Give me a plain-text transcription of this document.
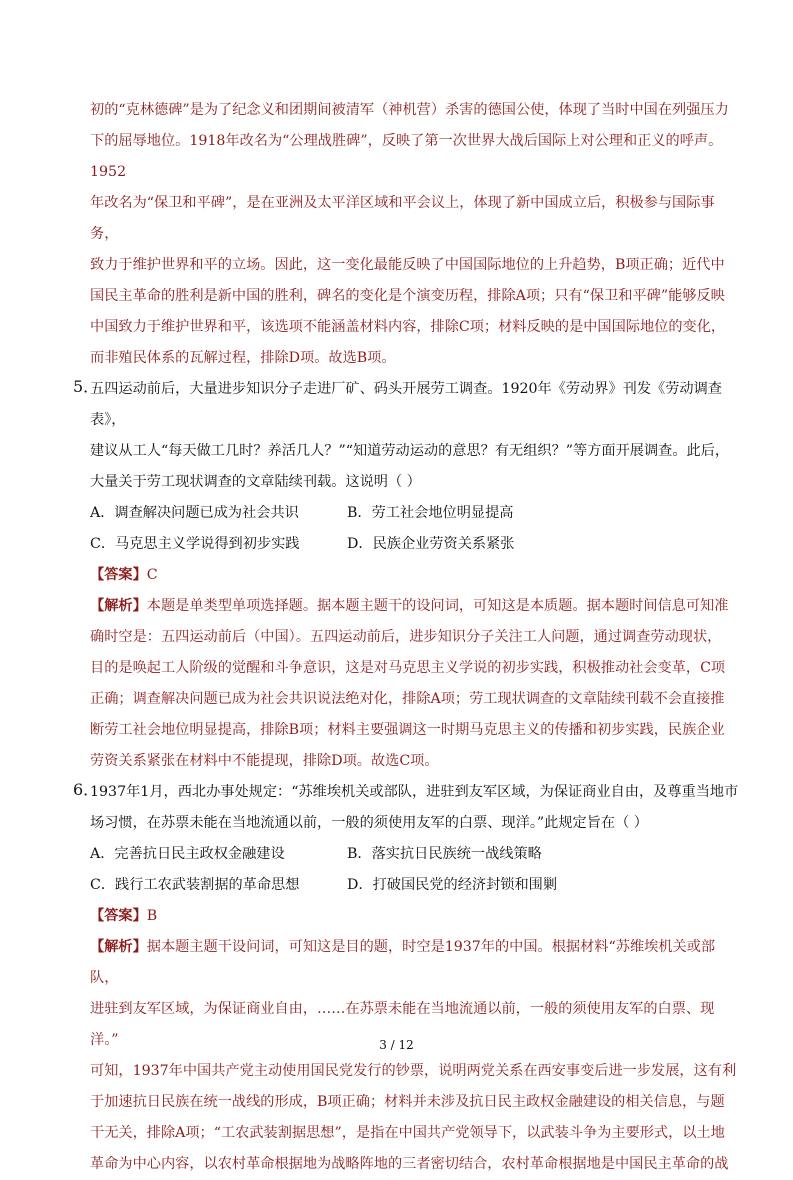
初的“克林德碑”是为了纪念义和团期间被清军（神机营）杀害的德国公使，体现了当时中国在列强压力

下的屈辱地位。1918年改名为“公理战胜碑”，反映了第一次世界大战后国际上对公理和正义的呼声。1952

年改名为“保卫和平碑”，是在亚洲及太平洋区域和平会议上，体现了新中国成立后，积极参与国际事务，

致力于维护世界和平的立场。因此，这一变化最能反映了中国国际地位的上升趋势，B项正确；近代中

国民主革命的胜利是新中国的胜利，碑名的变化是个演变历程，排除A项；只有“保卫和平碑”能够反映

中国致力于维护世界和平，该选项不能涵盖材料内容，排除C项；材料反映的是中国国际地位的变化，

而非殖民体系的瓦解过程，排除D项。故选B项。

5．

五四运动前后，大量进步知识分子走进厂矿、码头开展劳工调查。1920年《劳动界》刊发《劳动调查表》，

建议从工人“每天做工几时？养活几人？”“知道劳动运动的意思？有无组织？”等方面开展调查。此后，

大量关于劳工现状调查的文章陆续刊载。这说明（ ）

A．调查解决问题已成为社会共识	B．劳工社会地位明显提高
C．马克思主义学说得到初步实践	D．民族企业劳资关系紧张

【答案】C

【解析】本题是单类型单项选择题。据本题主题干的设问词，可知这是本质题。据本题时间信息可知准

确时空是：五四运动前后（中国）。五四运动前后，进步知识分子关注工人问题，通过调查劳动现状，

目的是唤起工人阶级的觉醒和斗争意识，这是对马克思主义学说的初步实践，积极推动社会变革，C项

正确；调查解决问题已成为社会共识说法绝对化，排除A项；劳工现状调查的文章陆续刊载不会直接推

断劳工社会地位明显提高，排除B项；材料主要强调这一时期马克思主义的传播和初步实践，民族企业

劳资关系紧张在材料中不能提现，排除D项。故选C项。

6．

1937年1月，西北办事处规定：“苏维埃机关或部队，进驻到友军区域，为保证商业自由，及尊重当地市

场习惯，在苏票未能在当地流通以前，一般的须使用友军的白票、现洋。”此规定旨在（ ）

A．完善抗日民主政权金融建设	B．落实抗日民族统一战线策略
C．践行工农武装割据的革命思想	D．打破国民党的经济封锁和围剿

【答案】B

【解析】据本题主题干设问词，可知这是目的题，时空是1937年的中国。根据材料“苏维埃机关或部队，

进驻到友军区域，为保证商业自由，……在苏票未能在当地流通以前，一般的须使用友军的白票、现洋。”

可知，1937年中国共产党主动使用国民党发行的钞票，说明两党关系在西安事变后进一步发展，这有利

于加速抗日民族在统一战线的形成，B项正确；材料并未涉及抗日民主政权金融建设的相关信息，与题

干无关，排除A项；“工农武装割据思想”，是指在中国共产党领导下，以武装斗争为主要形式，以土地

革命为中心内容，以农村革命根据地为战略阵地的三者密切结合，农村革命根据地是中国民主革命的战

3 / 12
